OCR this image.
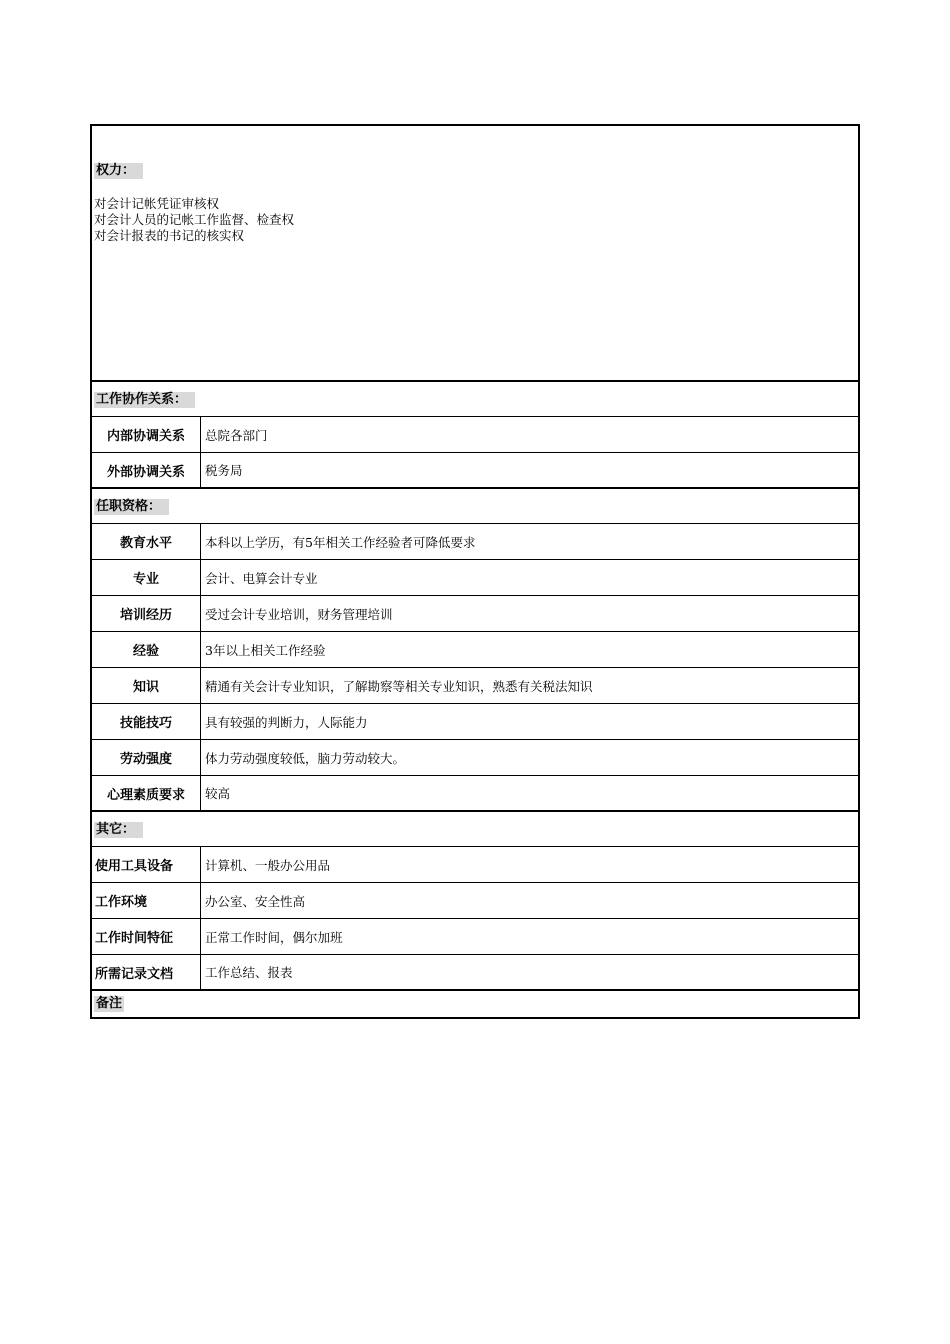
权力：
对会计记帐凭证审核权
对会计人员的记帐工作监督、检查权
对会计报表的书记的核实权
工作协作关系：
内部协调关系	总院各部门
外部协调关系	税务局
任职资格：
教育水平	本科以上学历，有5年相关工作经验者可降低要求
专业	会计、电算会计专业
培训经历	受过会计专业培训，财务管理培训
经验	3年以上相关工作经验
知识	精通有关会计专业知识，了解勘察等相关专业知识，熟悉有关税法知识
技能技巧	具有较强的判断力，人际能力
劳动强度	体力劳动强度较低，脑力劳动较大。
心理素质要求	较高
其它：
使用工具设备	计算机、一般办公用品
工作环境	办公室、安全性高
工作时间特征	正常工作时间，偶尔加班
所需记录文档	工作总结、报表
备注
